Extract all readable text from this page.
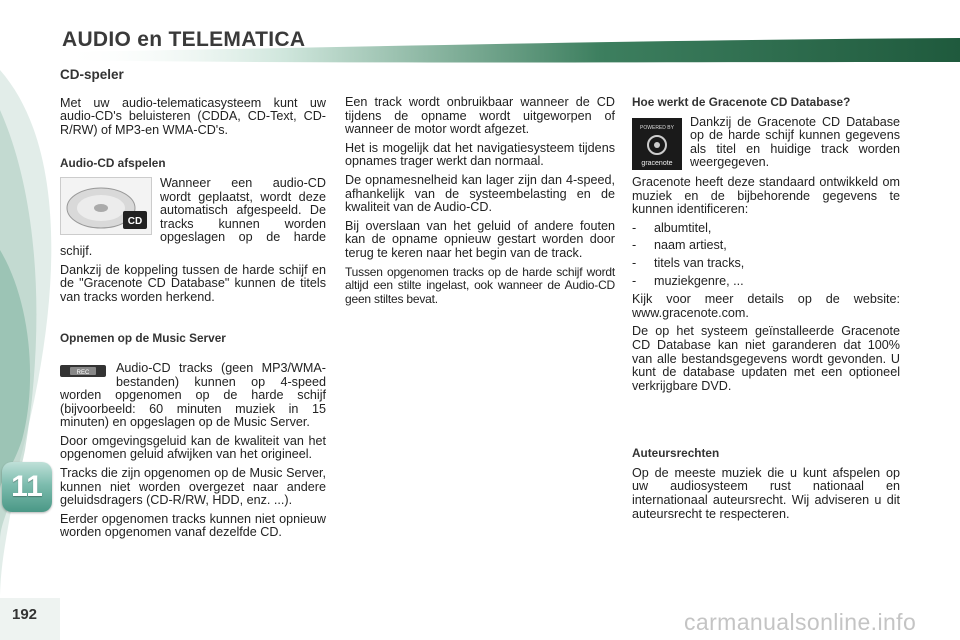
AUDIO en TELEMATICA

CD-speler

Met uw audio-telematicasysteem kunt uw audio-CD's beluisteren (CDDA, CD-Text, CD-R/RW) of MP3-en WMA-CD's.

Audio-CD afspelen

CD
Wanneer een audio-CD wordt geplaatst, wordt deze automatisch afgespeeld. De tracks kunnen worden opgeslagen op de harde schijf.

Dankzij de koppeling tussen de harde schijf en de "Gracenote CD Database" kunnen de titels van tracks worden herkend.

Opnemen op de Music Server

REC Audio-CD tracks (geen MP3/WMA-bestanden) kunnen op 4-speed worden opgenomen op de harde schijf (bijvoorbeeld: 60 minuten muziek in 15 minuten) en opgeslagen op de Music Server.

Door omgevingsgeluid kan de kwaliteit van het opgenomen geluid afwijken van het origineel.

Tracks die zijn opgenomen op de Music Server, kunnen niet worden overgezet naar andere geluidsdragers (CD-R/RW, HDD, enz. ...).

Eerder opgenomen tracks kunnen niet opnieuw worden opgenomen vanaf dezelfde CD.

Een track wordt onbruikbaar wanneer de CD tijdens de opname wordt uitgeworpen of wanneer de motor wordt afgezet.

Het is mogelijk dat het navigatiesysteem tijdens opnames trager werkt dan normaal.

De opnamesnelheid kan lager zijn dan 4-speed, afhankelijk van de systeembelasting en de kwaliteit van de Audio-CD.

Bij overslaan van het geluid of andere fouten kan de opname opnieuw gestart worden door terug te keren naar het begin van de track.

Tussen opgenomen tracks op de harde schijf wordt altijd een stilte ingelast, ook wanneer de Audio-CD geen stiltes bevat.

Hoe werkt de Gracenote CD Database?

POWERED BY
gracenote
Dankzij de Gracenote CD Database op de harde schijf kunnen gegevens als titel en huidige track worden weergegeven.

Gracenote heeft deze standaard ontwikkeld om muziek en de bijbehorende gegevens te kunnen identificeren:

-	albumtitel,
-	naam artiest,
-	titels van tracks,
-	muziekgenre, ...

Kijk voor meer details op de website: www.gracenote.com.

De op het systeem geïnstalleerde Gracenote CD Database kan niet garanderen dat 100% van alle bestandsgegevens wordt gevonden. U kunt de database updaten met een optioneel verkrijgbare DVD.

Auteursrechten

Op de meeste muziek die u kunt afspelen op uw audiosysteem rust nationaal en internationaal auteursrecht. Wij adviseren u dit auteursrecht te respecteren.

11
192	carmanualsonline.info
